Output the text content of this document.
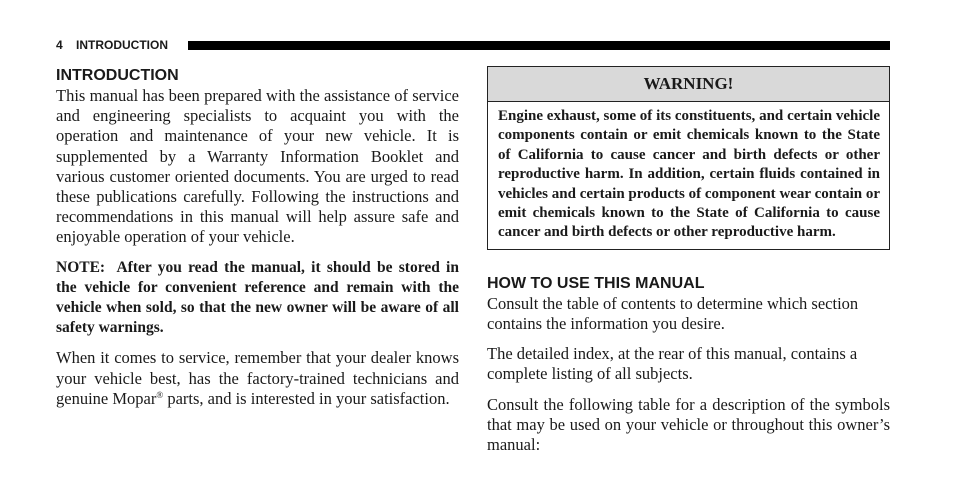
4 INTRODUCTION
INTRODUCTION

This manual has been prepared with the assistance of service and engineering specialists to acquaint you with the operation and maintenance of your new vehicle. It is supplemented by a Warranty Information Booklet and various customer oriented documents. You are urged to read these publications carefully. Following the instructions and recommendations in this manual will help assure safe and enjoyable operation of your vehicle.

NOTE: After you read the manual, it should be stored in the vehicle for convenient reference and remain with the vehicle when sold, so that the new owner will be aware of all safety warnings.

When it comes to service, remember that your dealer knows your vehicle best, has the factory-trained technicians and genuine Mopar® parts, and is interested in your satisfaction.

WARNING!
Engine exhaust, some of its constituents, and certain vehicle components contain or emit chemicals known to the State of California to cause cancer and birth defects or other reproductive harm. In addition, certain fluids contained in vehicles and certain products of component wear contain or emit chemicals known to the State of California to cause cancer and birth defects or other reproductive harm.
HOW TO USE THIS MANUAL

Consult the table of contents to determine which section contains the information you desire.

The detailed index, at the rear of this manual, contains a complete listing of all subjects.

Consult the following table for a description of the symbols that may be used on your vehicle or throughout this owner’s manual:
